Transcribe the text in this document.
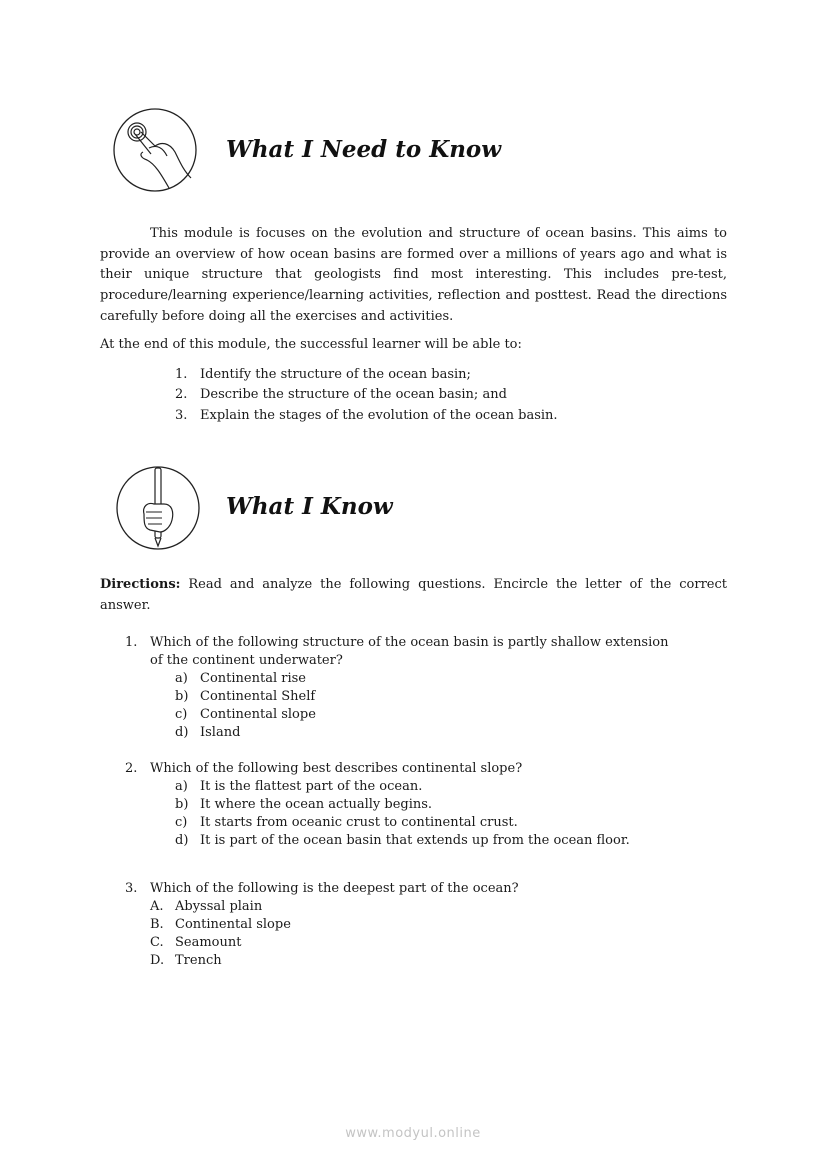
What I Need to Know
This module is focuses on the evolution and structure of ocean basins. This aims to provide an overview of how ocean basins are formed over a millions of years ago and what is their unique structure that geologists find most interesting. This includes pre-test, procedure/learning experience/learning activities, reflection and posttest. Read the directions carefully before doing all the exercises and activities.
At the end of this module, the successful learner will be able to:
1. Identify the structure of the ocean basin;
2. Describe the structure of the ocean basin; and
3. Explain the stages of the evolution of the ocean basin.
What I Know
Directions: Read and analyze the following questions. Encircle the letter of the correct answer.
1. Which of the following structure of the ocean basin is partly shallow extension
of the continent underwater?
a) Continental rise
b) Continental Shelf
c) Continental slope
d) Island
2. Which of the following best describes continental slope?
a) It is the flattest part of the ocean.
b) It where the ocean actually begins.
c) It starts from oceanic crust to continental crust.
d) It is part of the ocean basin that extends up from the ocean floor.
3. Which of the following is the deepest part of the ocean?
A. Abyssal plain
B. Continental slope
C. Seamount
D. Trench
www.modyul.online
